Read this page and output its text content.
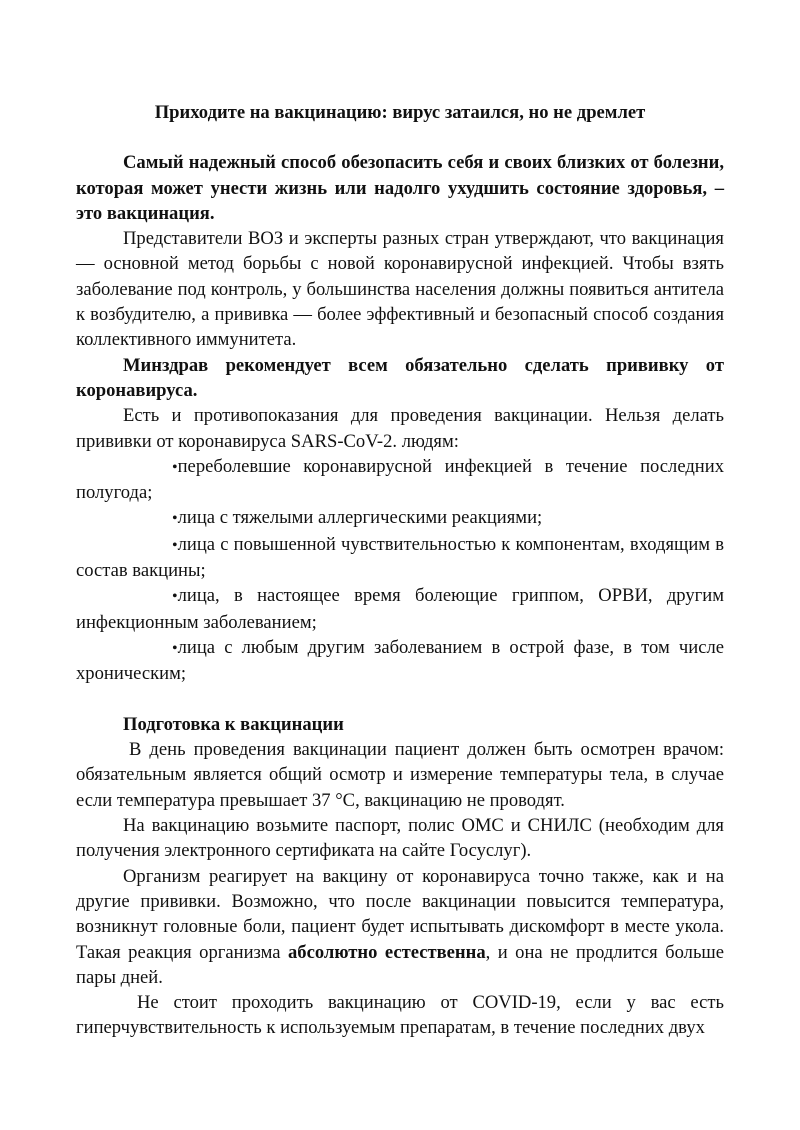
Приходите на вакцинацию: вирус затаился, но не дремлет

Самый надежный способ обезопасить себя и своих близких от болезни, которая может унести жизнь или надолго ухудшить состояние здоровья, – это вакцинация.

Представители ВОЗ и эксперты разных стран утверждают, что вакцинация — основной метод борьбы с новой коронавирусной инфекцией. Чтобы взять заболевание под контроль, у большинства населения должны появиться антитела к возбудителю, а прививка — более эффективный и безопасный способ создания коллективного иммунитета.

Минздрав рекомендует всем обязательно сделать прививку от коронавируса.

Есть и противопоказания для проведения вакцинации. Нельзя делать прививки от коронавируса SARS-CoV-2. людям:

•переболевшие коронавирусной инфекцией в течение последних полугода;
•лица с тяжелыми аллергическими реакциями;
•лица с повышенной чувствительностью к компонентам, входящим в состав вакцины;
•лица, в настоящее время болеющие гриппом, ОРВИ, другим инфекционным заболеванием;
•лица с любым другим заболеванием в острой фазе, в том числе хроническим;

Подготовка к вакцинации

В день проведения вакцинации пациент должен быть осмотрен врачом: обязательным является общий осмотр и измерение температуры тела, в случае если температура превышает 37 °С, вакцинацию не проводят.

На вакцинацию возьмите паспорт, полис ОМС и СНИЛС (необходим для получения электронного сертификата на сайте Госуслуг).

Организм реагирует на вакцину от коронавируса точно также, как и на другие прививки. Возможно, что после вакцинации повысится температура, возникнут головные боли, пациент будет испытывать дискомфорт в месте укола. Такая реакция организма абсолютно естественна, и она не продлится больше пары дней.

Не стоит проходить вакцинацию от COVID-19, если у вас есть гиперчувствительность к используемым препаратам, в течение последних двух
